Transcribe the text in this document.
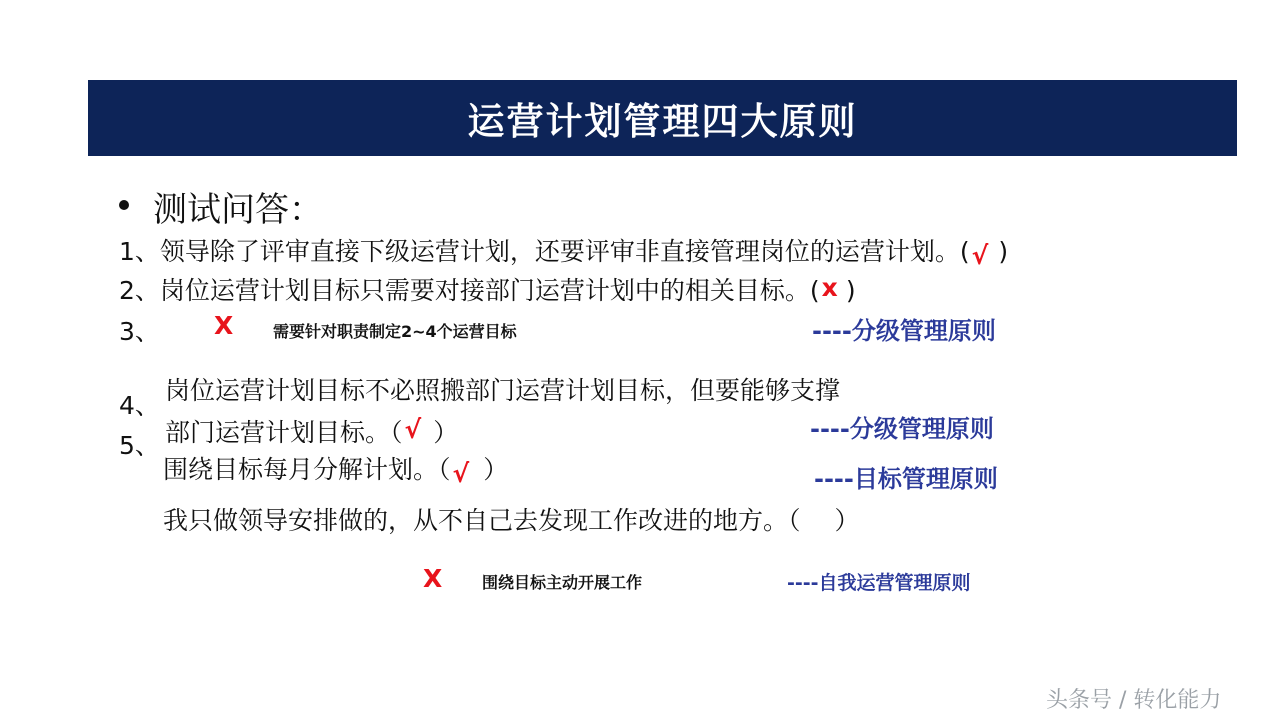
运营计划管理四大原则
测试问答：
1、领导除了评审直接下级运营计划，还要评审非直接管理岗位的运营计划。(√ )
2、岗位运营计划目标只需要对接部门运营计划中的相关目标。(x )
3、 X 需要针对职责制定2~4个运营目标	----分级管理原则
4、
岗位运营计划目标不必照搬部门运营计划目标，但要能够支撑
部门运营计划目标。（√ ）	----分级管理原则
5、
围绕目标每月分解计划。（√ ）	----目标管理原则
我只做领导安排做的，从不自己去发现工作改进的地方。（ ）
X 围绕目标主动开展工作	----自我运营管理原则
头条号 / 转化能力
